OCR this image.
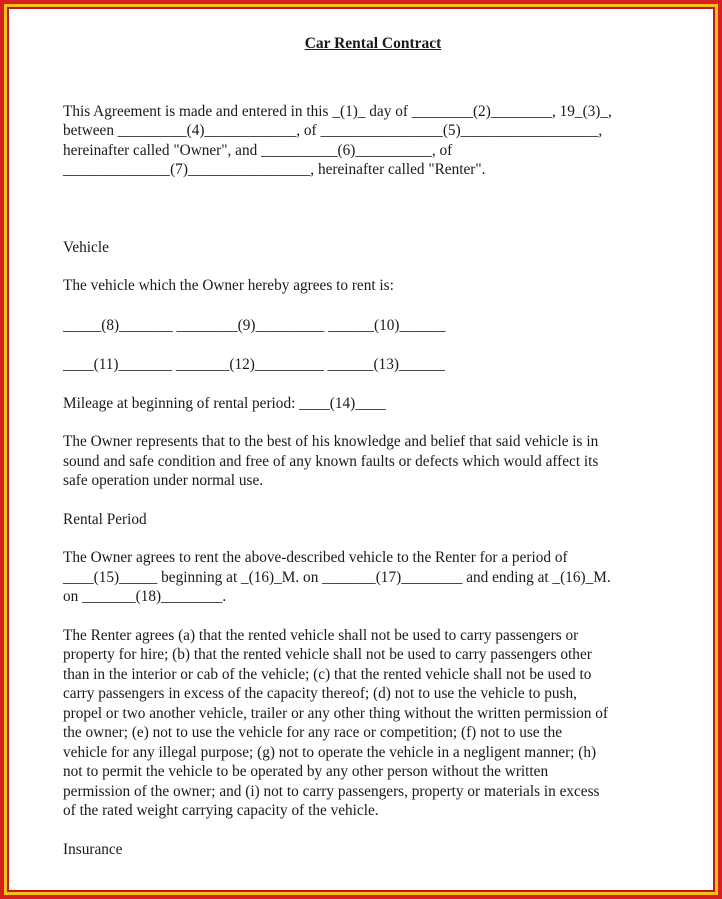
Car Rental Contract

This Agreement is made and entered in this _(1)_ day of ________(2)________, 19_(3)_,
between _________(4)____________, of ________________(5)__________________,
hereinafter called "Owner", and __________(6)__________, of
______________(7)________________, hereinafter called "Renter".

Vehicle

The vehicle which the Owner hereby agrees to rent is:

_____(8)_______ ________(9)_________ ______(10)______

____(11)_______ _______(12)_________ ______(13)______

Mileage at beginning of rental period: ____(14)____

The Owner represents that to the best of his knowledge and belief that said vehicle is in
sound and safe condition and free of any known faults or defects which would affect its
safe operation under normal use.

Rental Period

The Owner agrees to rent the above-described vehicle to the Renter for a period of
____(15)_____ beginning at _(16)_M. on _______(17)________ and ending at _(16)_M.
on _______(18)________.
The Renter agrees (a) that the rented vehicle shall not be used to carry passengers or
property for hire; (b) that the rented vehicle shall not be used to carry passengers other
than in the interior or cab of the vehicle; (c) that the rented vehicle shall not be used to
carry passengers in excess of the capacity thereof; (d) not to use the vehicle to push,
propel or two another vehicle, trailer or any other thing without the written permission of
the owner; (e) not to use the vehicle for any race or competition; (f) not to use the
vehicle for any illegal purpose; (g) not to operate the vehicle in a negligent manner; (h)
not to permit the vehicle to be operated by any other person without the written
permission of the owner; and (i) not to carry passengers, property or materials in excess
of the rated weight carrying capacity of the vehicle.

Insurance
